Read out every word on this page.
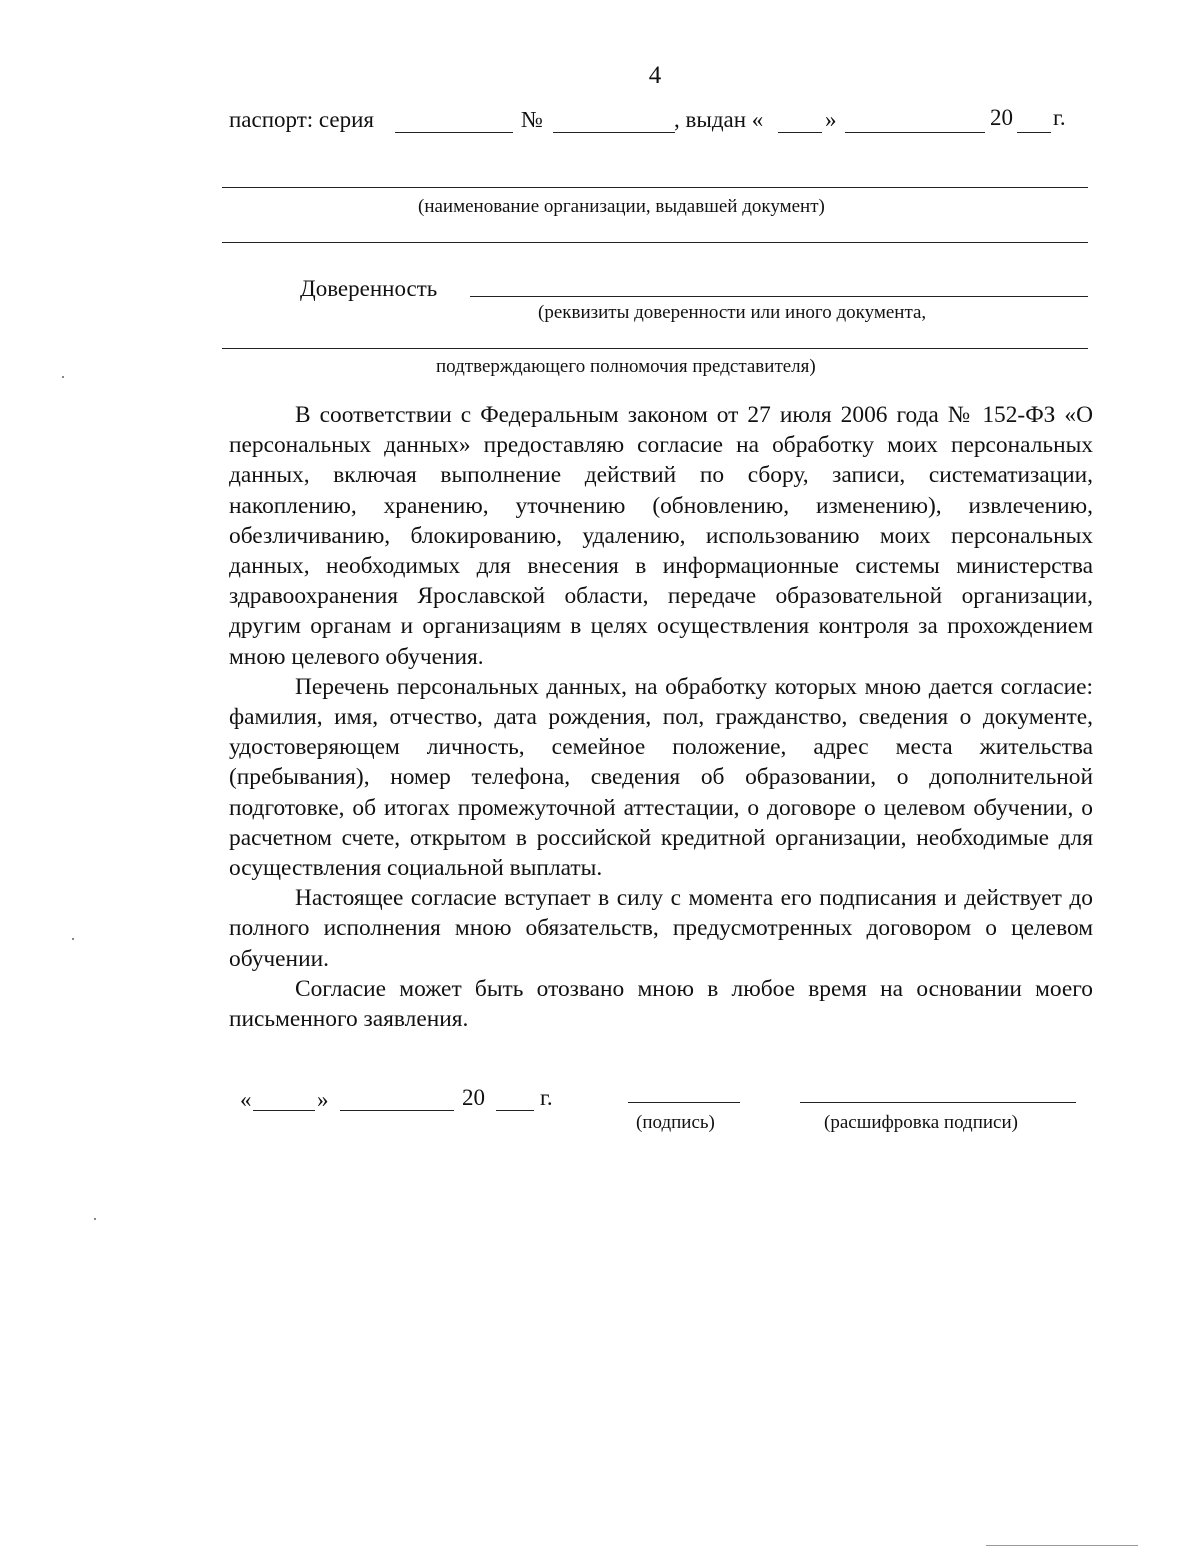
4
паспорт: серия	№	, выдан «	»	20 г.
(наименование организации, выдавшей документ)
Доверенность
(реквизиты доверенности или иного документа,
подтверждающего полномочия представителя)

В соответствии с Федеральным законом от 27 июля 2006 года № 152-ФЗ «О персональных данных» предоставляю согласие на обработку моих персональных данных, включая выполнение действий по сбору, записи, систематизации, накоплению, хранению, уточнению (обновлению, изменению), извлечению, обезличиванию, блокированию, удалению, использованию моих персональных данных, необходимых для внесения в информационные системы министерства здравоохранения Ярославской области, передаче образовательной организации, другим органам и организациям в целях осуществления контроля за прохождением мною целевого обучения.

Перечень персональных данных, на обработку которых мною дается согласие: фамилия, имя, отчество, дата рождения, пол, гражданство, сведения о документе, удостоверяющем личность, семейное положение, адрес места жительства (пребывания), номер телефона, сведения об образовании, о дополнительной подготовке, об итогах промежуточной аттестации, о договоре о целевом обучении, о расчетном счете, открытом в российской кредитной организации, необходимые для осуществления социальной выплаты.

Настоящее согласие вступает в силу с момента его подписания и действует до полного исполнения мною обязательств, предусмотренных договором о целевом обучении.

Согласие может быть отозвано мною в любое время на основании моего письменного заявления.

«	»	20 г.
(подпись)	(расшифровка подписи)
